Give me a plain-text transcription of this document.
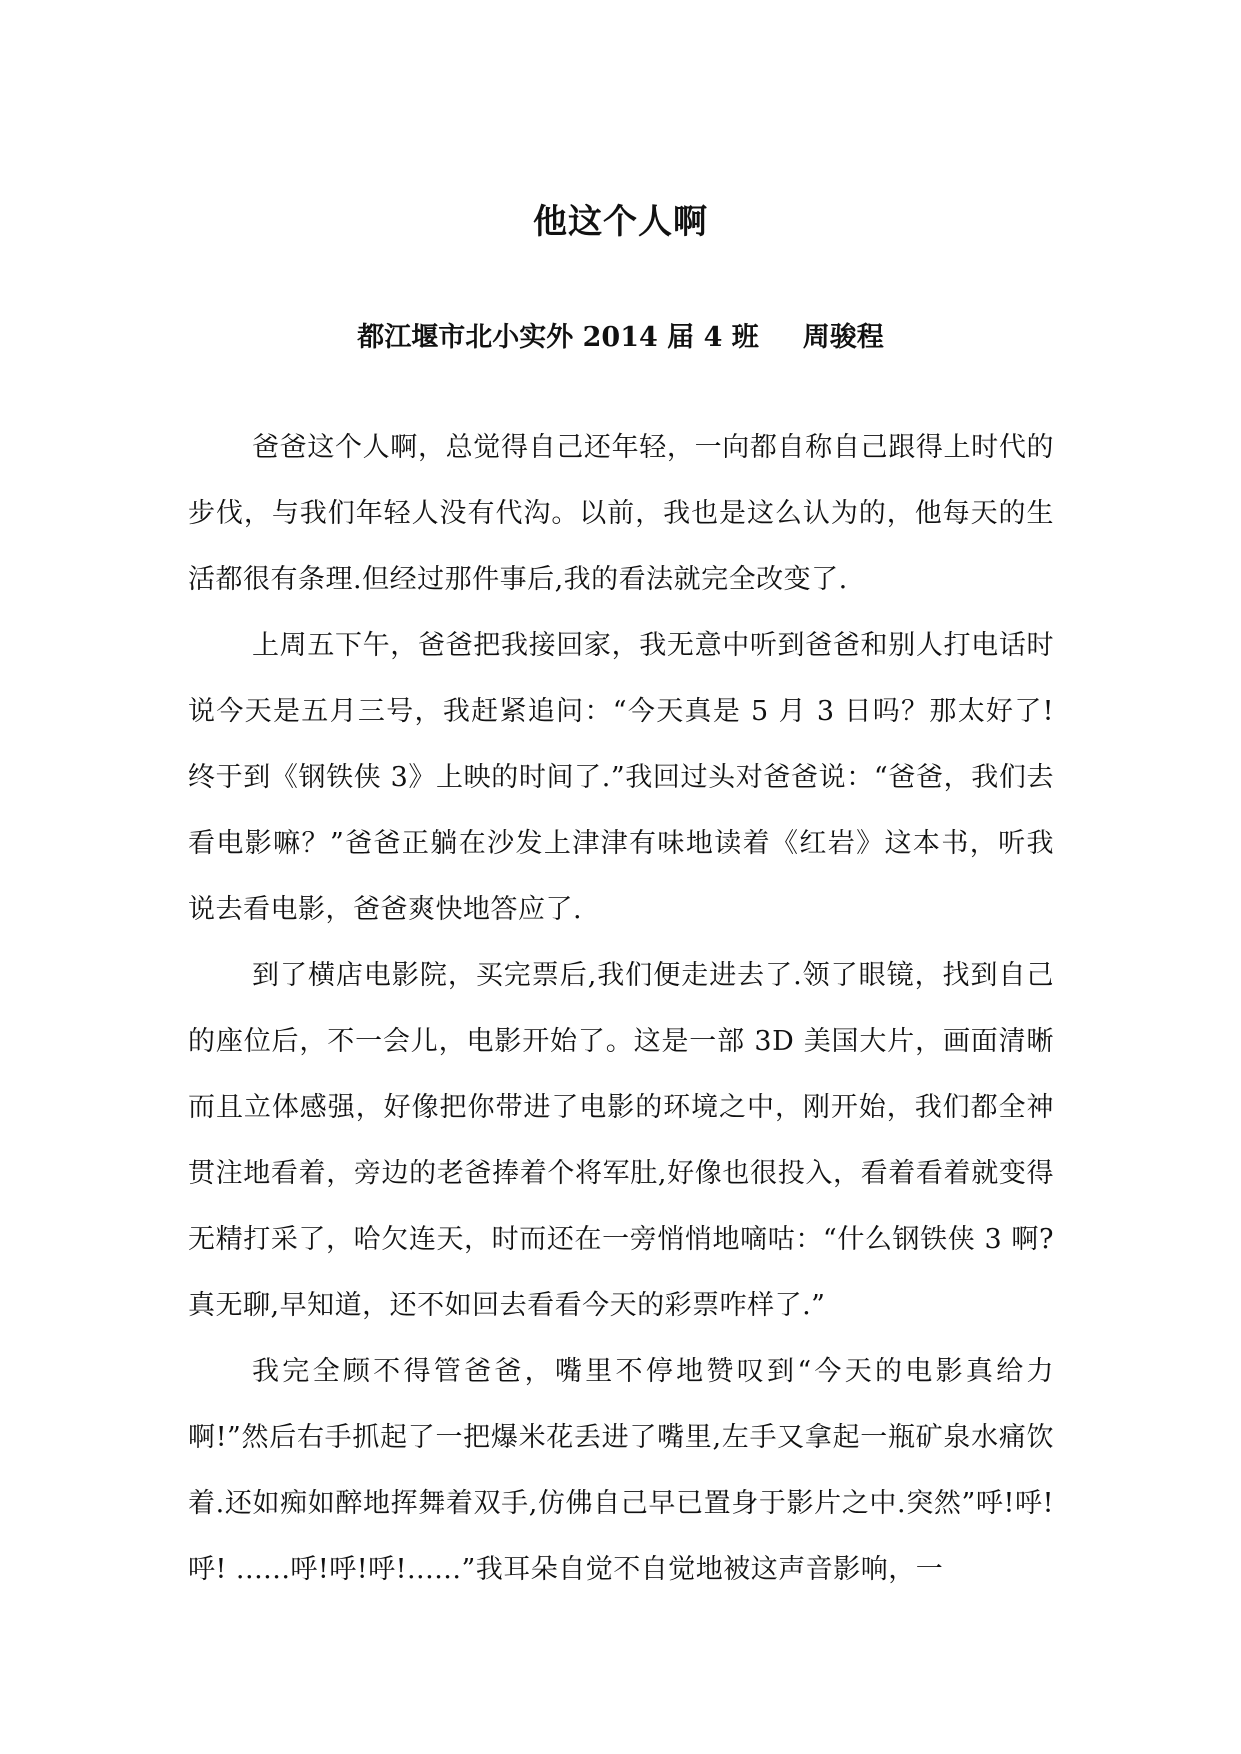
他这个人啊
都江堰市北小实外 2014 届 4 班 周骏程

爸爸这个人啊，总觉得自己还年轻，一向都自称自己跟得上时代的步伐，与我们年轻人没有代沟。以前，我也是这么认为的，他每天的生活都很有条理.但经过那件事后,我的看法就完全改变了.

上周五下午，爸爸把我接回家，我无意中听到爸爸和别人打电话时说今天是五月三号，我赶紧追问：“今天真是 5 月 3 日吗？那太好了!终于到《钢铁侠 3》上映的时间了.”我回过头对爸爸说：“爸爸，我们去看电影嘛？”爸爸正躺在沙发上津津有味地读着《红岩》这本书，听我说去看电影，爸爸爽快地答应了.

到了横店电影院，买完票后,我们便走进去了.领了眼镜，找到自己的座位后，不一会儿，电影开始了。这是一部 3D 美国大片，画面清晰而且立体感强，好像把你带进了电影的环境之中，刚开始，我们都全神贯注地看着，旁边的老爸捧着个将军肚,好像也很投入，看着看着就变得无精打采了，哈欠连天，时而还在一旁悄悄地嘀咕：“什么钢铁侠 3 啊?真无聊,早知道，还不如回去看看今天的彩票咋样了.”

我完全顾不得管爸爸，嘴里不停地赞叹到“今天的电影真给力啊!”然后右手抓起了一把爆米花丢进了嘴里,左手又拿起一瓶矿泉水痛饮着.还如痴如醉地挥舞着双手,仿佛自己早已置身于影片之中.突然”呼!呼!呼! ......呼!呼!呼!......”我耳朵自觉不自觉地被这声音影响，一
